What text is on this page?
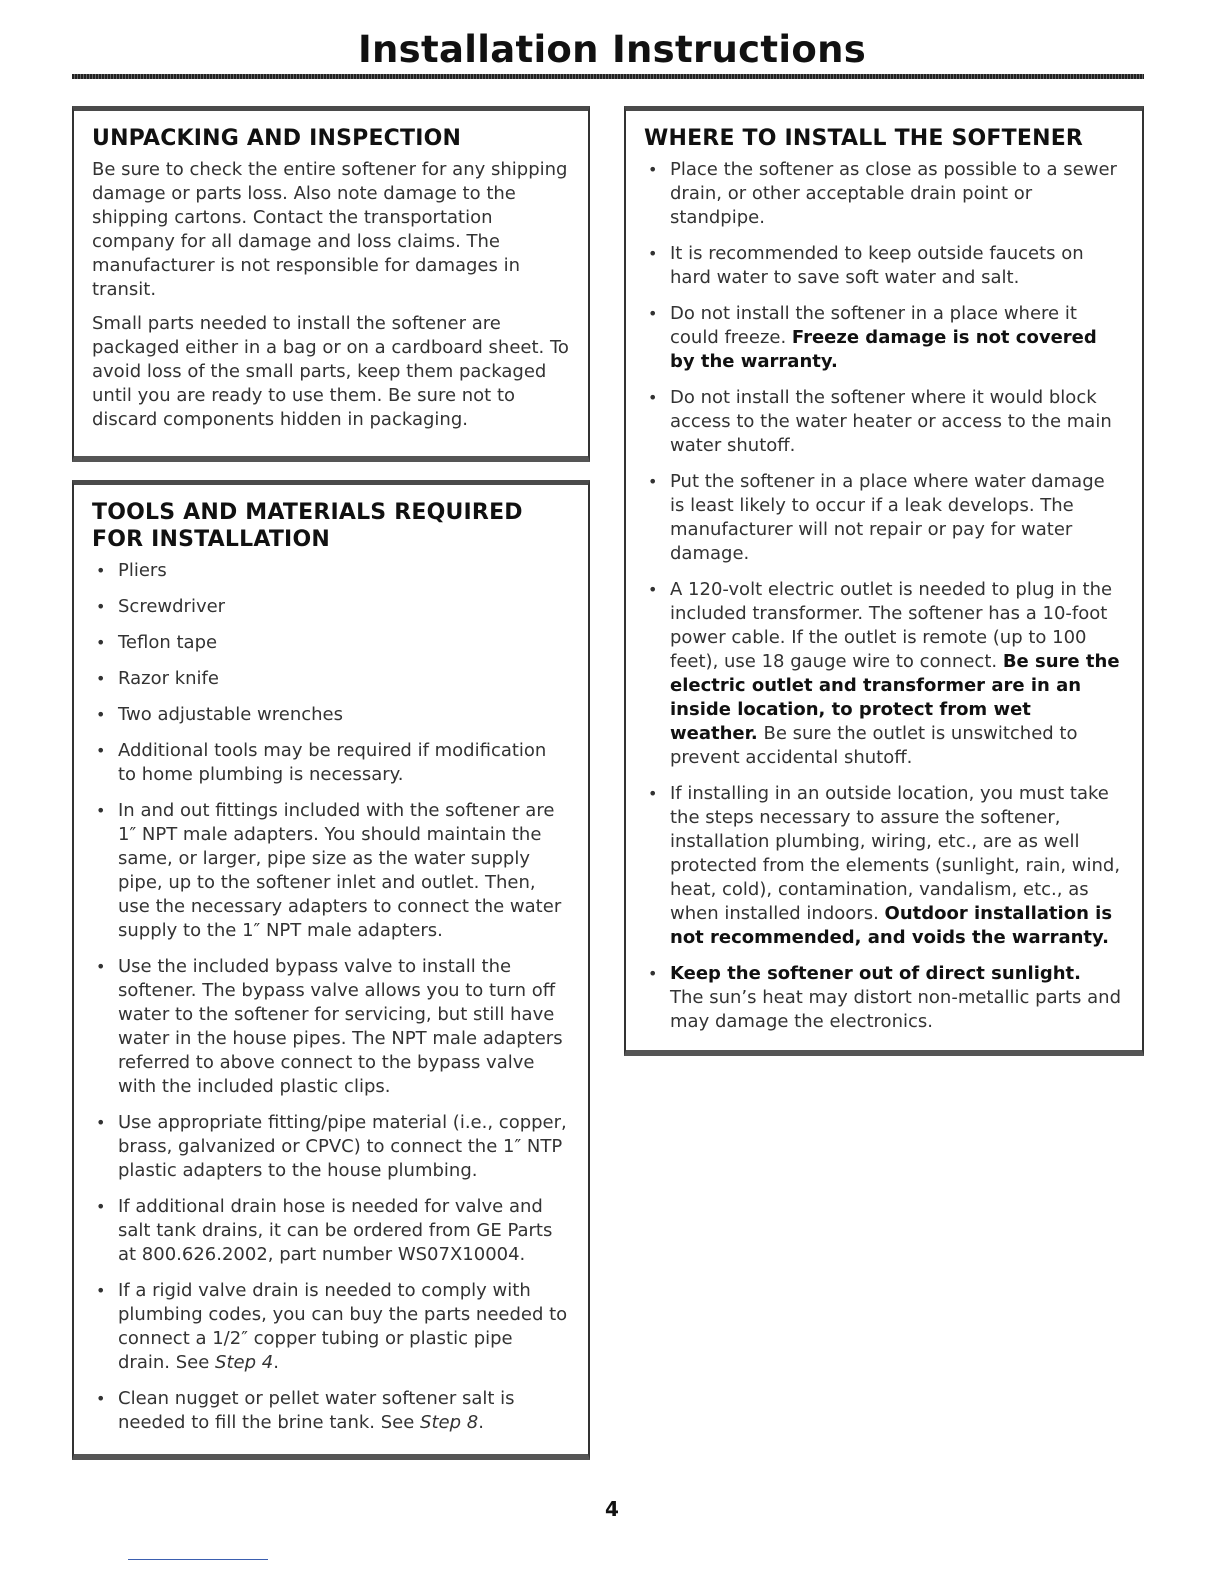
Installation Instructions
UNPACKING AND INSPECTION

Be sure to check the entire softener for any shipping damage or parts loss. Also note damage to the shipping cartons. Contact the transportation company for all damage and loss claims. The manufacturer is not responsible for damages in transit.

Small parts needed to install the softener are packaged either in a bag or on a cardboard sheet. To avoid loss of the small parts, keep them packaged until you are ready to use them. Be sure not to discard components hidden in packaging.

TOOLS AND MATERIALS REQUIRED
FOR INSTALLATION
• Pliers
• Screwdriver
• Teflon tape
• Razor knife
• Two adjustable wrenches
• Additional tools may be required if modification to home plumbing is necessary.
• In and out fittings included with the softener are 1″ NPT male adapters. You should maintain the same, or larger, pipe size as the water supply pipe, up to the softener inlet and outlet. Then, use the necessary adapters to connect the water supply to the 1″ NPT male adapters.
• Use the included bypass valve to install the softener. The bypass valve allows you to turn off water to the softener for servicing, but still have water in the house pipes. The NPT male adapters referred to above connect to the bypass valve with the included plastic clips.
• Use appropriate fitting/pipe material (i.e., copper, brass, galvanized or CPVC) to connect the 1″ NTP plastic adapters to the house plumbing.
• If additional drain hose is needed for valve and salt tank drains, it can be ordered from GE Parts at 800.626.2002, part number WS07X10004.
• If a rigid valve drain is needed to comply with plumbing codes, you can buy the parts needed to connect a 1/2″ copper tubing or plastic pipe drain. See Step 4.
• Clean nugget or pellet water softener salt is needed to fill the brine tank. See Step 8.
WHERE TO INSTALL THE SOFTENER
• Place the softener as close as possible to a sewer drain, or other acceptable drain point or standpipe.
• It is recommended to keep outside faucets on hard water to save soft water and salt.
• Do not install the softener in a place where it could freeze. Freeze damage is not covered by the warranty.
• Do not install the softener where it would block access to the water heater or access to the main water shutoff.
• Put the softener in a place where water damage is least likely to occur if a leak develops. The manufacturer will not repair or pay for water damage.
• A 120-volt electric outlet is needed to plug in the included transformer. The softener has a 10-foot power cable. If the outlet is remote (up to 100 feet), use 18 gauge wire to connect. Be sure the electric outlet and transformer are in an inside location, to protect from wet weather. Be sure the outlet is unswitched to prevent accidental shutoff.
• If installing in an outside location, you must take the steps necessary to assure the softener, installation plumbing, wiring, etc., are as well protected from the elements (sunlight, rain, wind, heat, cold), contamination, vandalism, etc., as when installed indoors. Outdoor installation is not recommended, and voids the warranty.
• Keep the softener out of direct sunlight.
The sun’s heat may distort non-metallic parts and may damage the electronics.
4
